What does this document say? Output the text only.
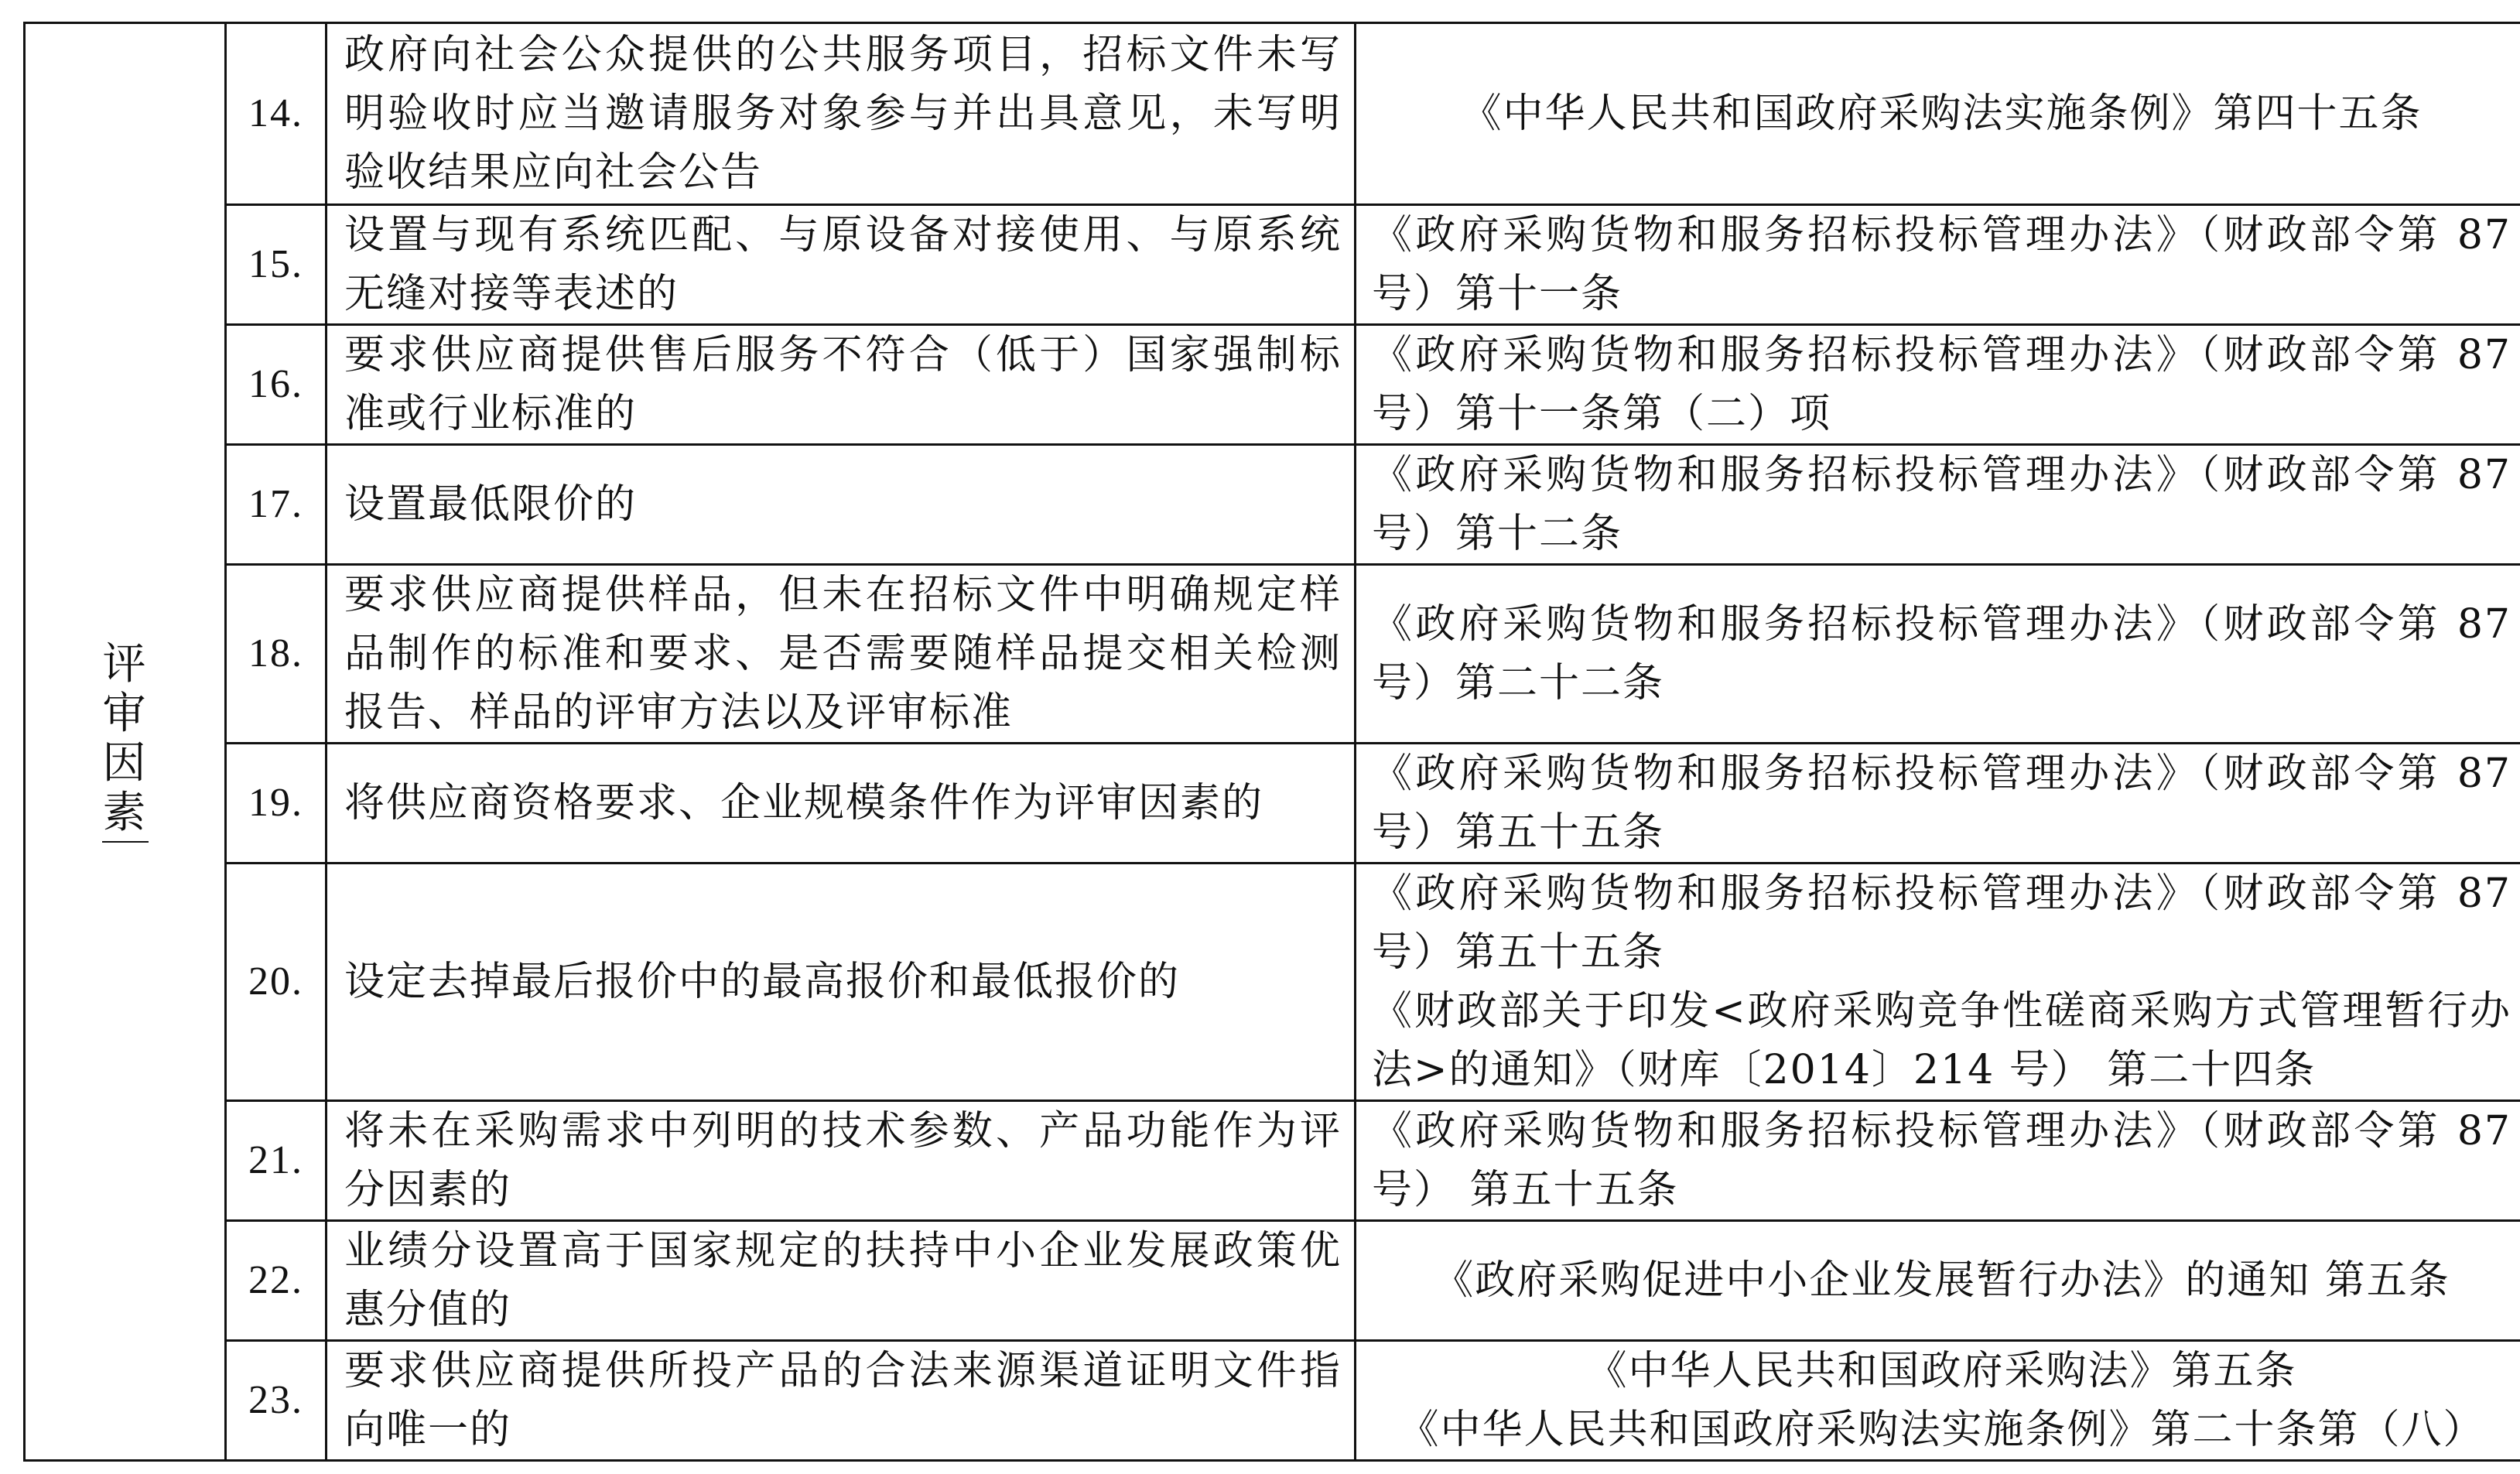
评审因素	14.	政府向社会公众提供的公共服务项目，招标文件未写明验收时应当邀请服务对象参与并出具意见，未写明验收结果应向社会公告	《中华人民共和国政府采购法实施条例》第四十五条

	15.	设置与现有系统匹配、与原设备对接使用、与原系统无缝对接等表述的	《政府采购货物和服务招标投标管理办法》（财政部令第 87 号）第十一条

	16.	要求供应商提供售后服务不符合（低于）国家强制标准或行业标准的	《政府采购货物和服务招标投标管理办法》（财政部令第 87 号）第十一条第（二）项

	17.	设置最低限价的	《政府采购货物和服务招标投标管理办法》（财政部令第 87 号）第十二条

	18.	要求供应商提供样品，但未在招标文件中明确规定样品制作的标准和要求、是否需要随样品提交相关检测报告、样品的评审方法以及评审标准	《政府采购货物和服务招标投标管理办法》（财政部令第 87 号）第二十二条

	19.	将供应商资格要求、企业规模条件作为评审因素的	《政府采购货物和服务招标投标管理办法》（财政部令第 87 号）第五十五条

	20.	设定去掉最后报价中的最高报价和最低报价的	《政府采购货物和服务招标投标管理办法》（财政部令第 87 号）第五十五条
《财政部关于印发<政府采购竞争性磋商采购方式管理暂行办法>的通知》（财库〔2014〕214 号） 第二十四条

	21.	将未在采购需求中列明的技术参数、产品功能作为评分因素的	《政府采购货物和服务招标投标管理办法》（财政部令第 87 号） 第五十五条

	22.	业绩分设置高于国家规定的扶持中小企业发展政策优惠分值的	《政府采购促进中小企业发展暂行办法》的通知 第五条

	23.	要求供应商提供所投产品的合法来源渠道证明文件指向唯一的	《中华人民共和国政府采购法》第五条
《中华人民共和国政府采购法实施条例》第二十条第（八）
